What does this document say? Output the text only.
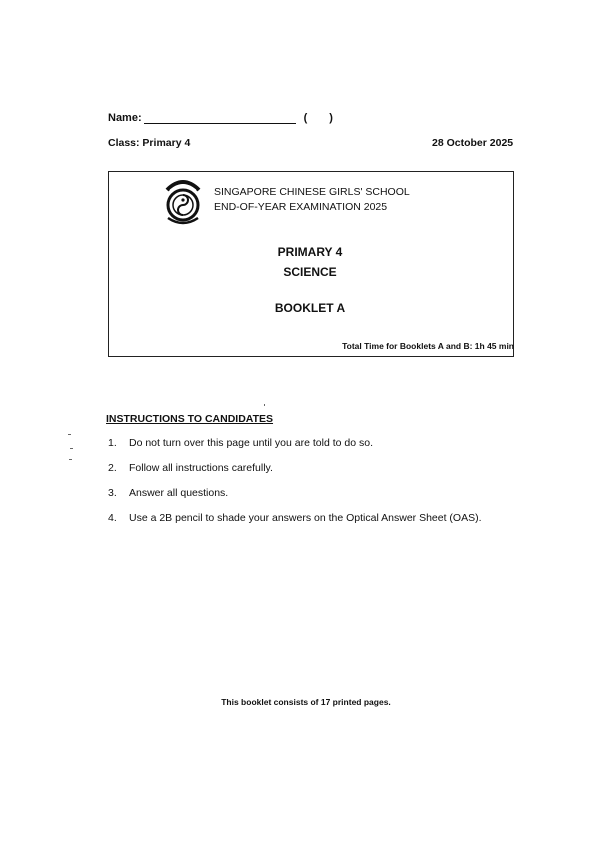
Name:	( )
Class: Primary 4	28 October 2025
SINGAPORE CHINESE GIRLS' SCHOOL
END-OF-YEAR EXAMINATION 2025
PRIMARY 4
SCIENCE
BOOKLET A
Total Time for Booklets A and B: 1h 45 min
INSTRUCTIONS TO CANDIDATES
1. Do not turn over this page until you are told to do so.
2. Follow all instructions carefully.
3. Answer all questions.
4. Use a 2B pencil to shade your answers on the Optical Answer Sheet (OAS).
This booklet consists of 17 printed pages.
